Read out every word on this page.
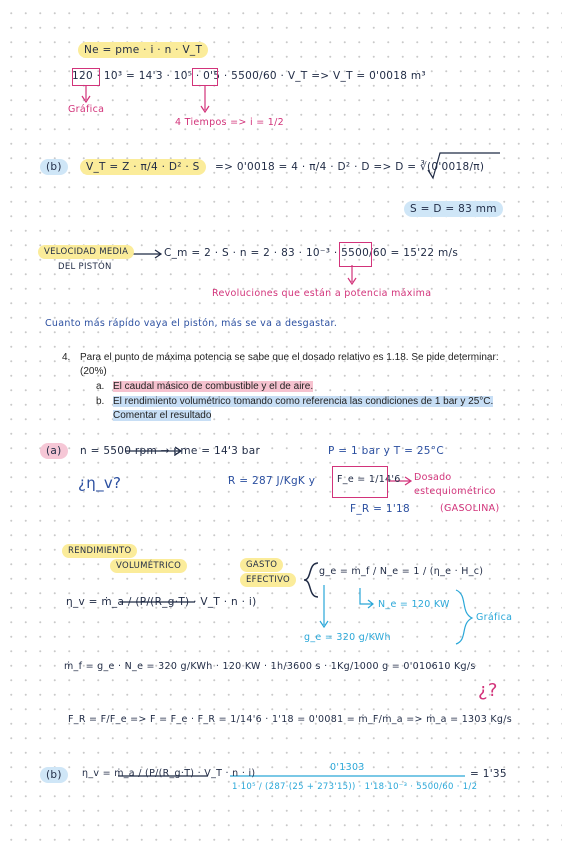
Ne = pme · i · n · V_T
120 · 10³ = 14'3 · 10⁵ · 0'5 · 5500/60 · V_T => V_T = 0'0018 m³
Gráfica
4 Tiempos => i = 1/2
(b)	V_T = Z · π/4 · D² · S	=> 0'0018 = 4 · π/4 · D² · D => D = ∛(0'0018/π)
S = D = 83 mm
VELOCIDAD MEDIA
DEL PISTÓN
C_m = 2 · S · n = 2 · 83 · 10⁻³ · 5500/60 = 15'22 m/s
Revoluciones que están a potencia máxima
Cuanto más rápido vaya el pistón, más se va a desgastar.
4. Para el punto de máxima potencia se sabe que el dosado relativo es 1.18. Se pide determinar:
(20%)
a. El caudal másico de combustible y el de aire.
b. El rendimiento volumétrico tomando como referencia las condiciones de 1 bar y 25°C.
Comentar el resultado
(a)	n = 5500 rpm → pme = 14'3 bar	P = 1 bar y T = 25°C
¿η_v?	R = 287 J/KgK y F_e = 1/14'6 Dosado
estequiométrico
(GASOLINA)
F_R = 1'18
RENDIMIENTO
VOLUMÉTRICO
η_v = ṁ_a / (P/(R_g·T) · V_T · n · i)
GASTO
EFECTIVO
g_e = ṁ_f / N_e = 1 / (η_e · H_c)
N_e = 120 KW
g_e = 320 g/KWh
Gráfica
ṁ_f = g_e · N_e = 320 g/KWh · 120 KW · 1h/3600 s · 1Kg/1000 g = 0'010610 Kg/s
¿?
F_R = F/F_e => F = F_e · F_R = 1/14'6 · 1'18 = 0'0081 = ṁ_F/ṁ_a => ṁ_a = 1303 Kg/s
(b)	η_v = ṁ_a / (P/(R_g·T) · V_T · n · i)
0'1303
1·10⁵ / (287·(25 + 273'15)) · 1'18·10⁻³ · 5500/60 · 1/2
= 1'35
